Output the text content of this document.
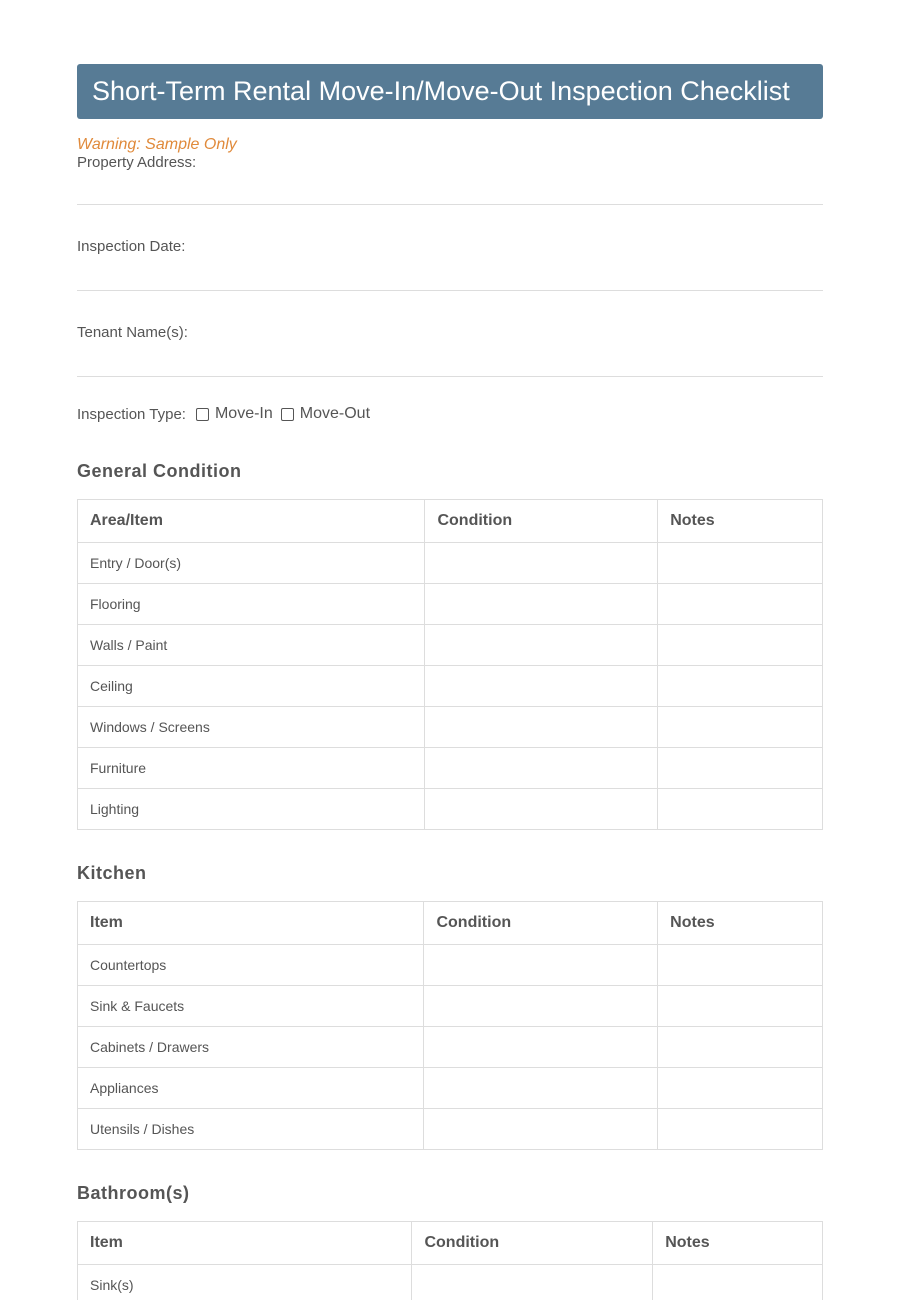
Short-Term Rental Move-In/Move-Out Inspection Checklist
Warning: Sample Only
Property Address:
Inspection Date:
Tenant Name(s):
Inspection Type: Move-In Move-Out
General Condition
Area/Item	Condition	Notes
Entry / Door(s)		
Flooring		
Walls / Paint		
Ceiling		
Windows / Screens		
Furniture		
Lighting		
Kitchen
Item	Condition	Notes
Countertops		
Sink & Faucets		
Cabinets / Drawers		
Appliances		
Utensils / Dishes		
Bathroom(s)
Item	Condition	Notes
Sink(s)		
